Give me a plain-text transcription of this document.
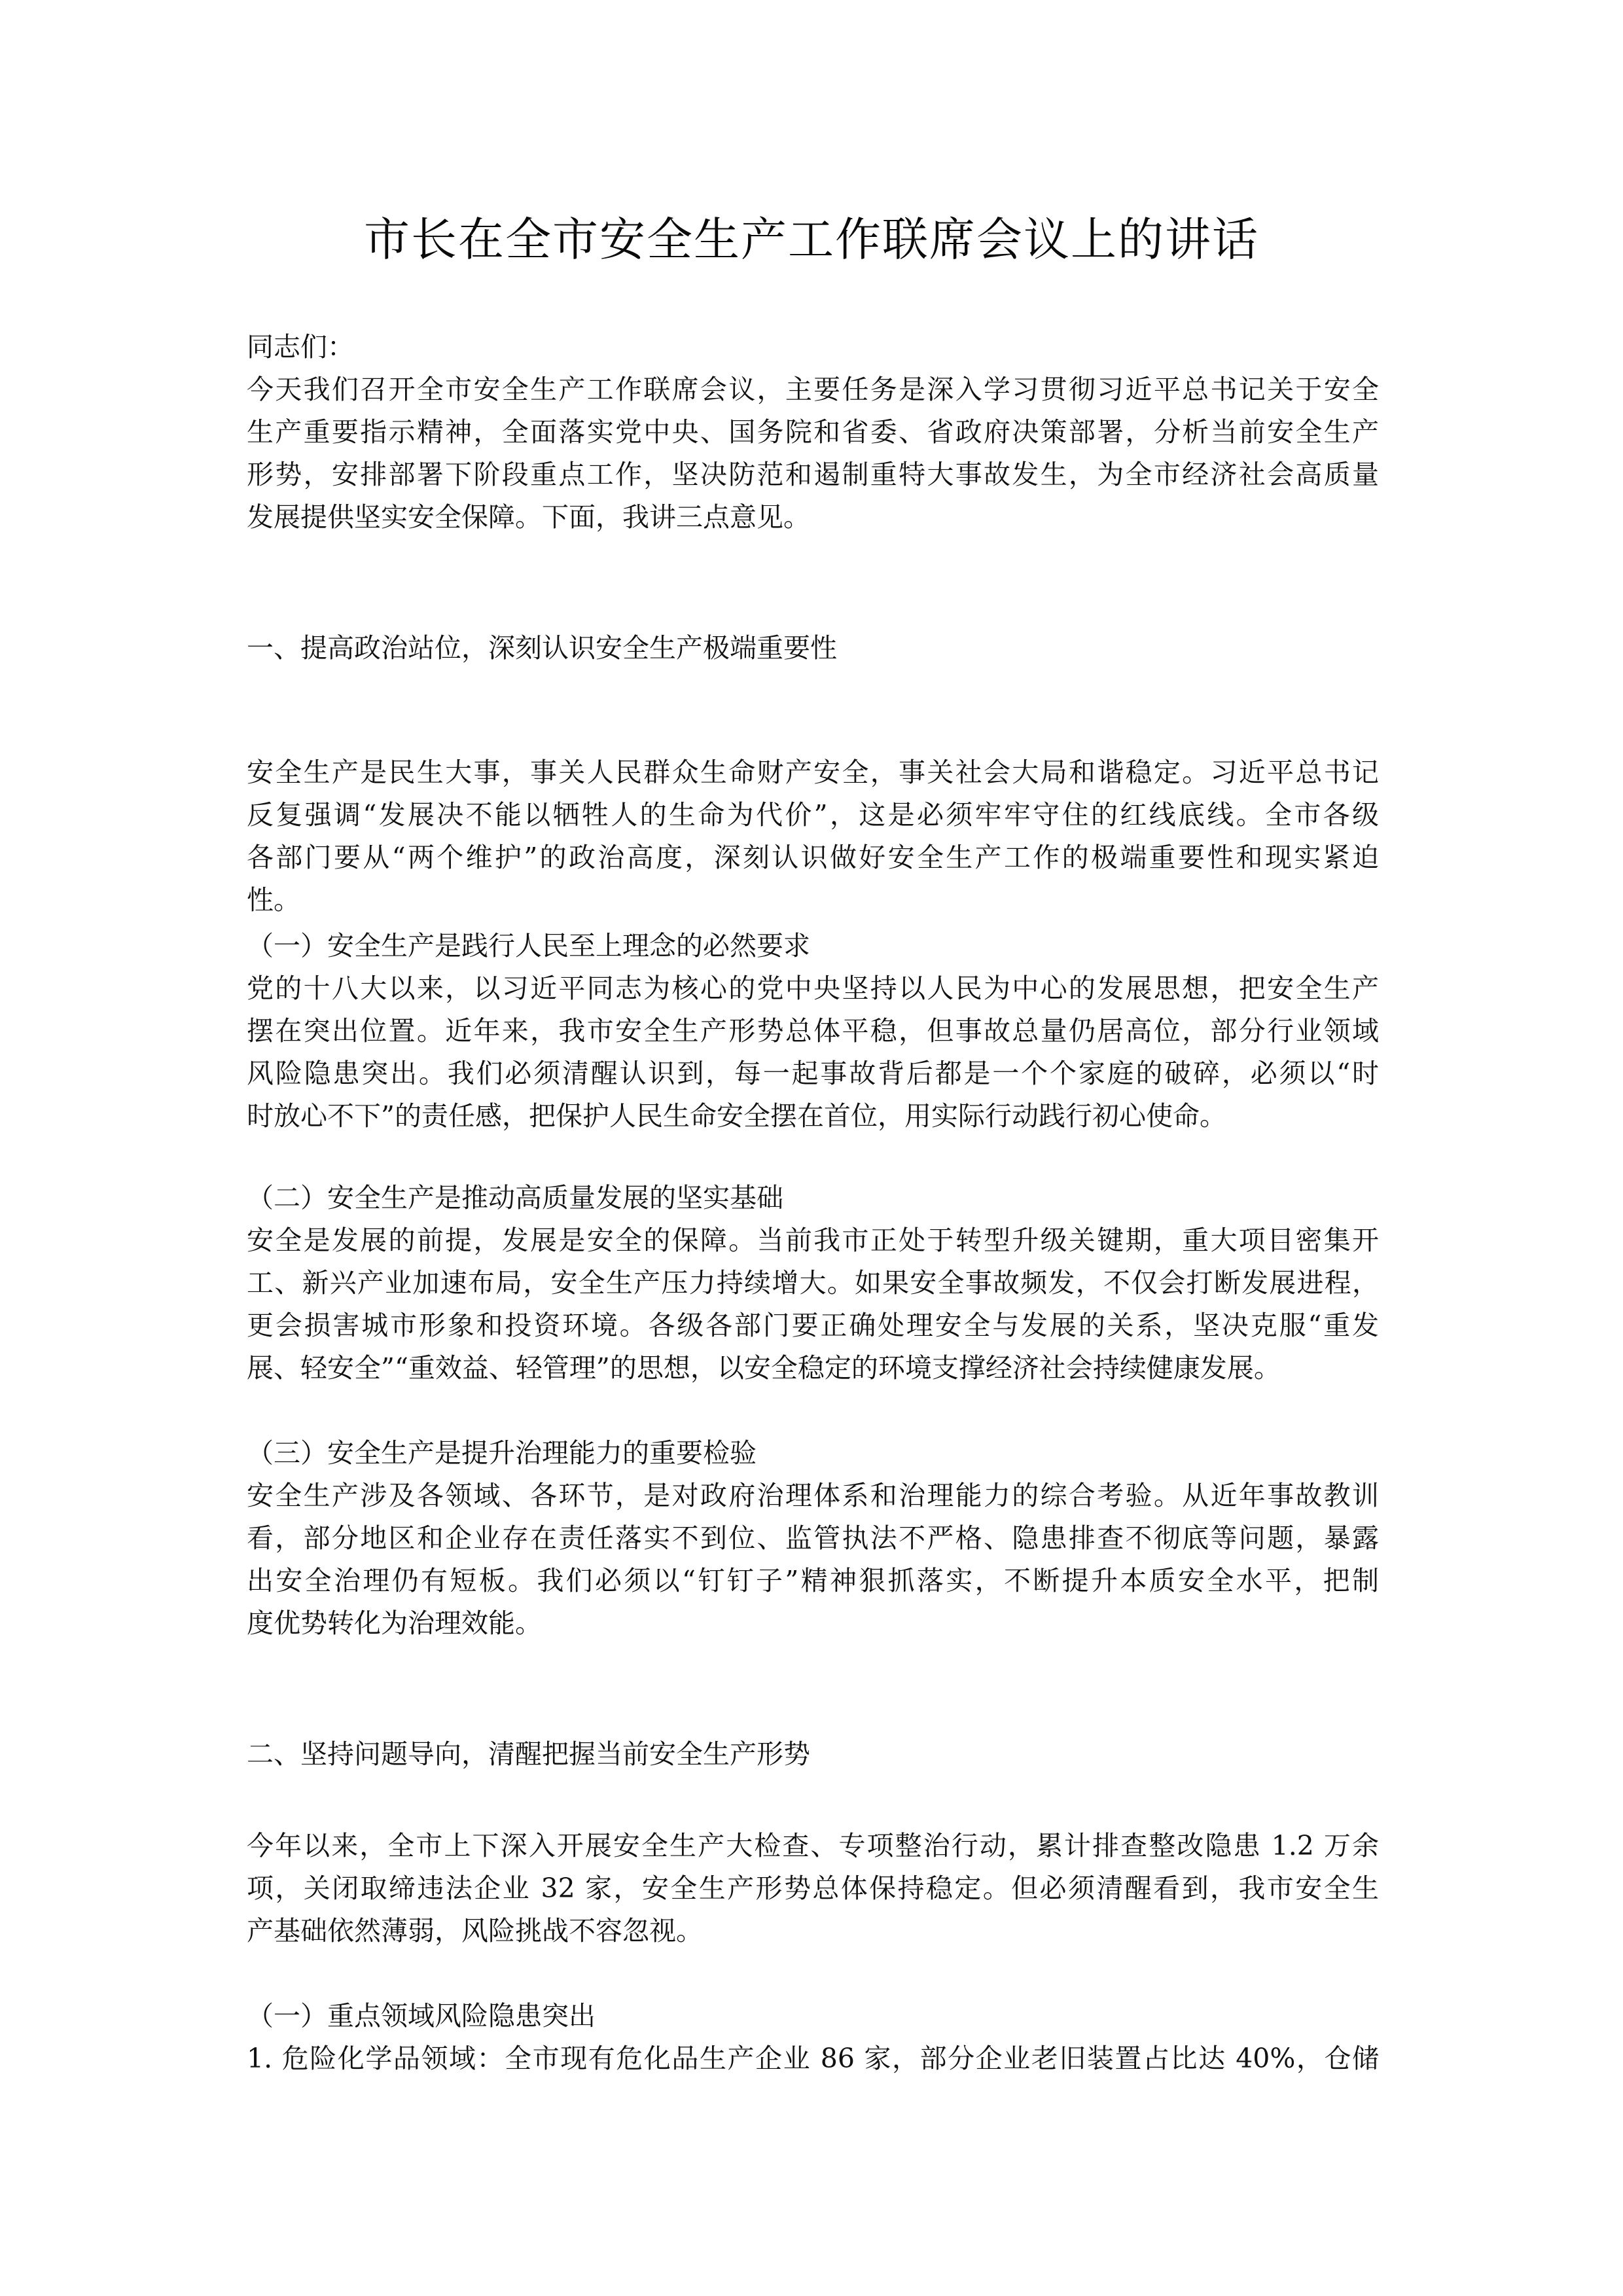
市长在全市安全生产工作联席会议上的讲话
同志们：
今天我们召开全市安全生产工作联席会议，主要任务是深入学习贯彻习近平总书记关于安全
生产重要指示精神，全面落实党中央、国务院和省委、省政府决策部署，分析当前安全生产
形势，安排部署下阶段重点工作，坚决防范和遏制重特大事故发生，为全市经济社会高质量
发展提供坚实安全保障。下面，我讲三点意见。
一、提高政治站位，深刻认识安全生产极端重要性
安全生产是民生大事，事关人民群众生命财产安全，事关社会大局和谐稳定。习近平总书记
反复强调“发展决不能以牺牲人的生命为代价”，这是必须牢牢守住的红线底线。全市各级
各部门要从“两个维护”的政治高度，深刻认识做好安全生产工作的极端重要性和现实紧迫
性。
（一）安全生产是践行人民至上理念的必然要求
党的十八大以来，以习近平同志为核心的党中央坚持以人民为中心的发展思想，把安全生产
摆在突出位置。近年来，我市安全生产形势总体平稳，但事故总量仍居高位，部分行业领域
风险隐患突出。我们必须清醒认识到，每一起事故背后都是一个个家庭的破碎，必须以“时
时放心不下”的责任感，把保护人民生命安全摆在首位，用实际行动践行初心使命。
（二）安全生产是推动高质量发展的坚实基础
安全是发展的前提，发展是安全的保障。当前我市正处于转型升级关键期，重大项目密集开
工、新兴产业加速布局，安全生产压力持续增大。如果安全事故频发，不仅会打断发展进程，
更会损害城市形象和投资环境。各级各部门要正确处理安全与发展的关系，坚决克服“重发
展、轻安全”“重效益、轻管理”的思想，以安全稳定的环境支撑经济社会持续健康发展。
（三）安全生产是提升治理能力的重要检验
安全生产涉及各领域、各环节，是对政府治理体系和治理能力的综合考验。从近年事故教训
看，部分地区和企业存在责任落实不到位、监管执法不严格、隐患排查不彻底等问题，暴露
出安全治理仍有短板。我们必须以“钉钉子”精神狠抓落实，不断提升本质安全水平，把制
度优势转化为治理效能。
二、坚持问题导向，清醒把握当前安全生产形势
今年以来，全市上下深入开展安全生产大检查、专项整治行动，累计排查整改隐患 1.2 万余
项，关闭取缔违法企业 32 家，安全生产形势总体保持稳定。但必须清醒看到，我市安全生
产基础依然薄弱，风险挑战不容忽视。
（一）重点领域风险隐患突出
1. 危险化学品领域：全市现有危化品生产企业 86 家，部分企业老旧装置占比达 40%，仓储
